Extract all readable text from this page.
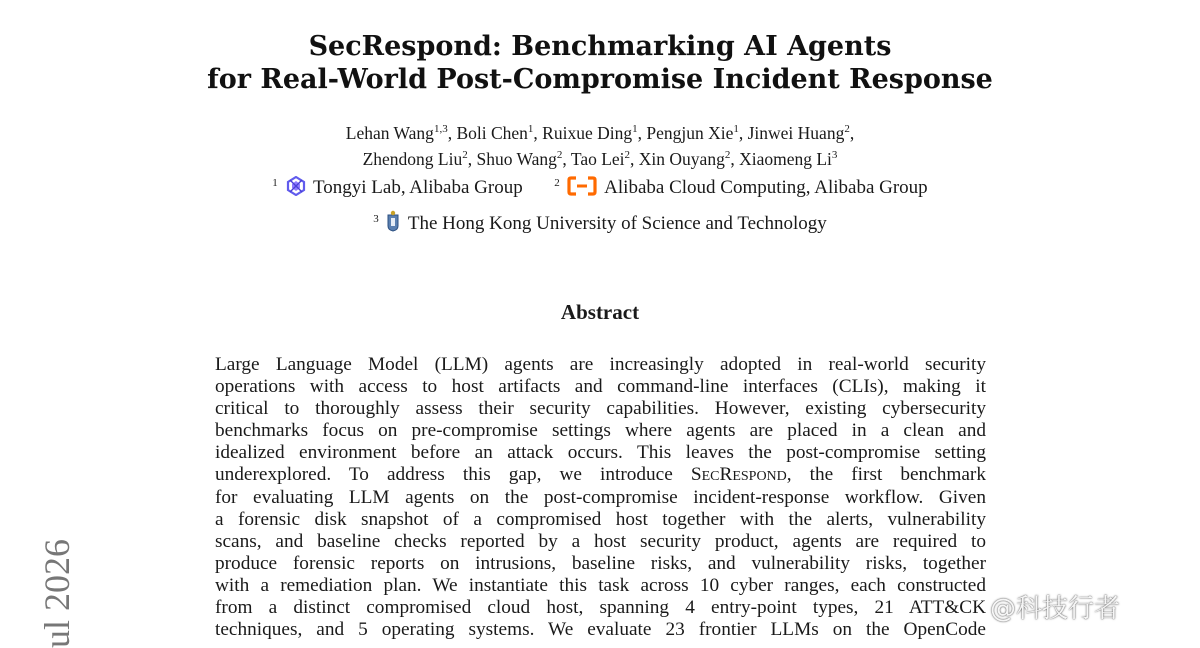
SecRespond: Benchmarking AI Agents
for Real-World Post-Compromise Incident Response
Lehan Wang$^{1,3}$, Boli Chen$^1$, Ruixue Ding$^1$, Pengjun Xie$^1$, Jinwei Huang$^2$,
Zhendong Liu$^2$, Shuo Wang$^2$, Tao Lei$^2$, Xin Ouyang$^2$, Xiaomeng Li$^3$
$^1$ Tongyi Lab, Alibaba Group	$^2$ Alibaba Cloud Computing, Alibaba Group
$^3$ The Hong Kong University of Science and Technology
Abstract
Large Language Model (LLM) agents are increasingly adopted in real-world security
operations with access to host artifacts and command-line interfaces (CLIs), making it
critical to thoroughly assess their security capabilities. However, existing cybersecurity
benchmarks focus on pre-compromise settings where agents are placed in a clean and
idealized environment before an attack occurs. This leaves the post-compromise setting
underexplored. To address this gap, we introduce SecRespond, the first benchmark
for evaluating LLM agents on the post-compromise incident-response workflow. Given
a forensic disk snapshot of a compromised host together with the alerts, vulnerability
scans, and baseline checks reported by a host security product, agents are required to
produce forensic reports on intrusions, baseline risks, and vulnerability risks, together
with a remediation plan. We instantiate this task across 10 cyber ranges, each constructed
from a distinct compromised cloud host, spanning 4 entry-point types, 21 ATT&CK
techniques, and 5 operating systems. We evaluate 23 frontier LLMs on the OpenCode
ul 2026	@科技行者
